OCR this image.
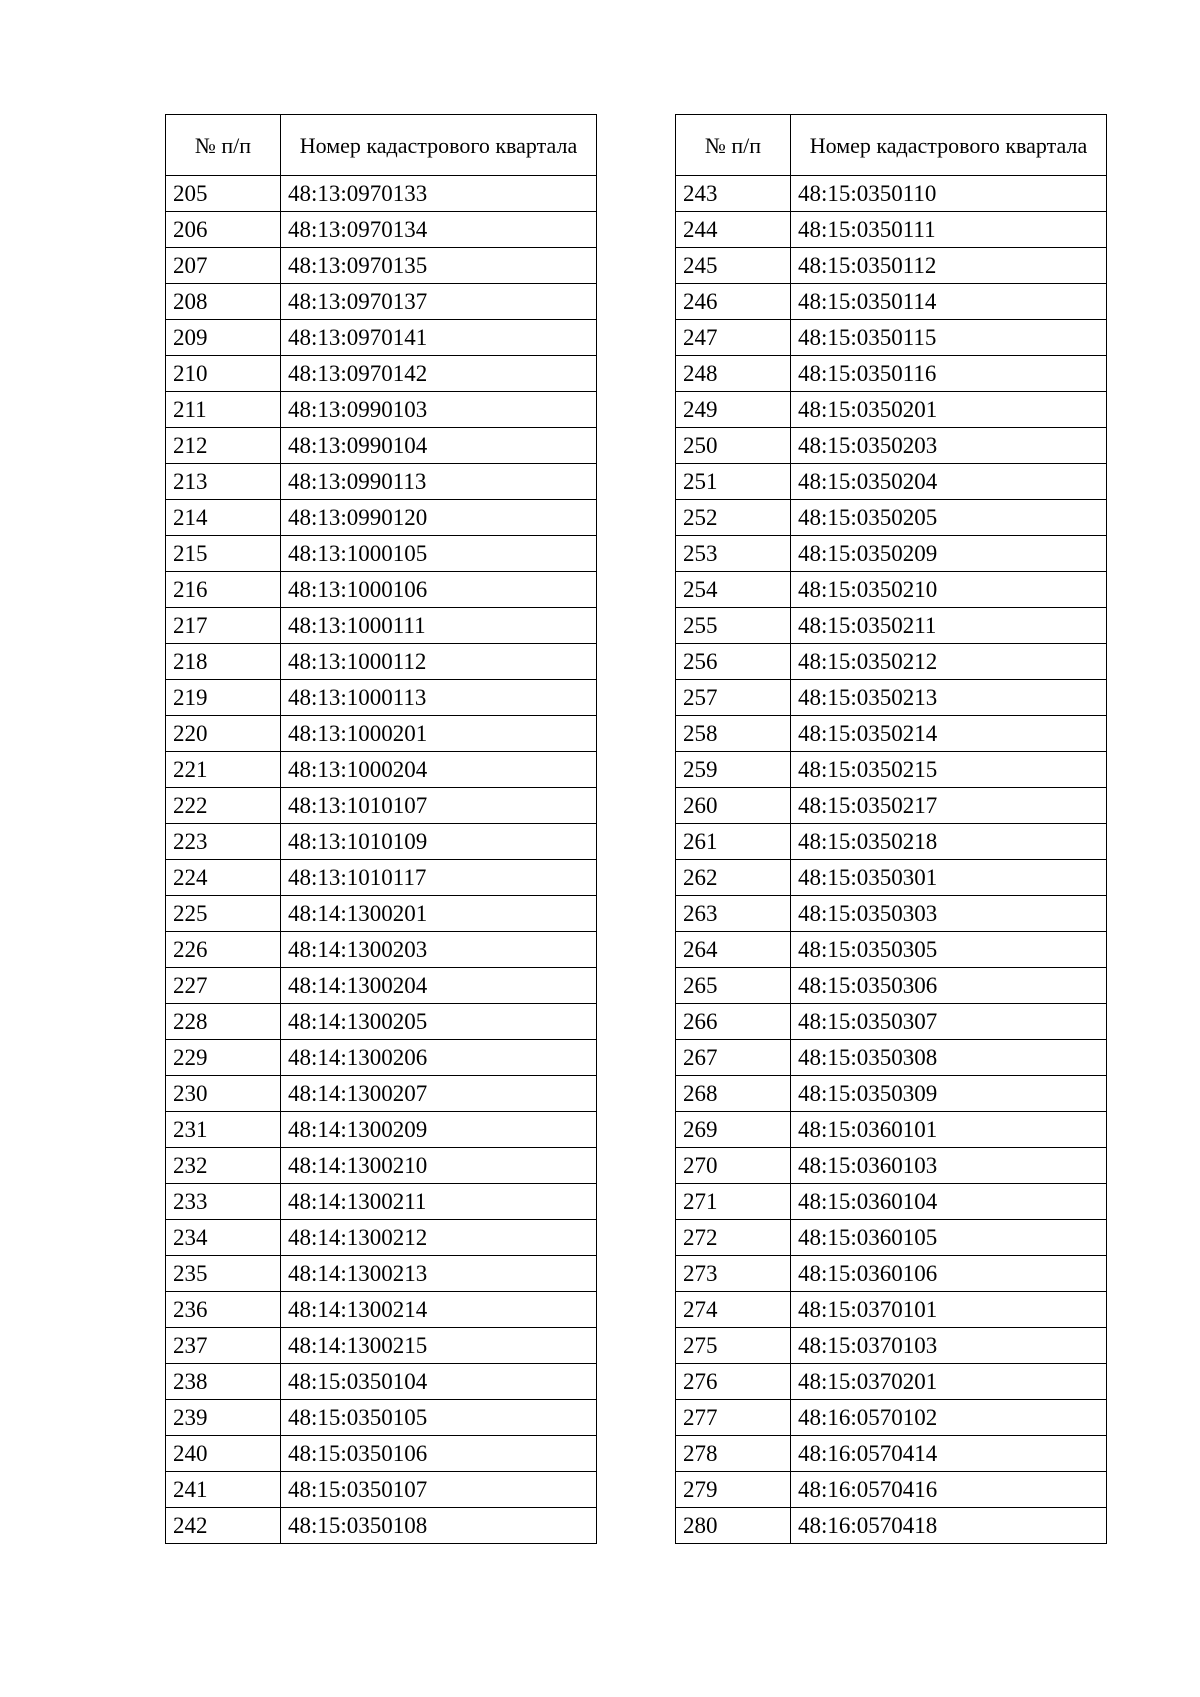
№ п/п	Номер кадастрового квартала
205	48:13:0970133
206	48:13:0970134
207	48:13:0970135
208	48:13:0970137
209	48:13:0970141
210	48:13:0970142
211	48:13:0990103
212	48:13:0990104
213	48:13:0990113
214	48:13:0990120
215	48:13:1000105
216	48:13:1000106
217	48:13:1000111
218	48:13:1000112
219	48:13:1000113
220	48:13:1000201
221	48:13:1000204
222	48:13:1010107
223	48:13:1010109
224	48:13:1010117
225	48:14:1300201
226	48:14:1300203
227	48:14:1300204
228	48:14:1300205
229	48:14:1300206
230	48:14:1300207
231	48:14:1300209
232	48:14:1300210
233	48:14:1300211
234	48:14:1300212
235	48:14:1300213
236	48:14:1300214
237	48:14:1300215
238	48:15:0350104
239	48:15:0350105
240	48:15:0350106
241	48:15:0350107
242	48:15:0350108
№ п/п	Номер кадастрового квартала
243	48:15:0350110
244	48:15:0350111
245	48:15:0350112
246	48:15:0350114
247	48:15:0350115
248	48:15:0350116
249	48:15:0350201
250	48:15:0350203
251	48:15:0350204
252	48:15:0350205
253	48:15:0350209
254	48:15:0350210
255	48:15:0350211
256	48:15:0350212
257	48:15:0350213
258	48:15:0350214
259	48:15:0350215
260	48:15:0350217
261	48:15:0350218
262	48:15:0350301
263	48:15:0350303
264	48:15:0350305
265	48:15:0350306
266	48:15:0350307
267	48:15:0350308
268	48:15:0350309
269	48:15:0360101
270	48:15:0360103
271	48:15:0360104
272	48:15:0360105
273	48:15:0360106
274	48:15:0370101
275	48:15:0370103
276	48:15:0370201
277	48:16:0570102
278	48:16:0570414
279	48:16:0570416
280	48:16:0570418
